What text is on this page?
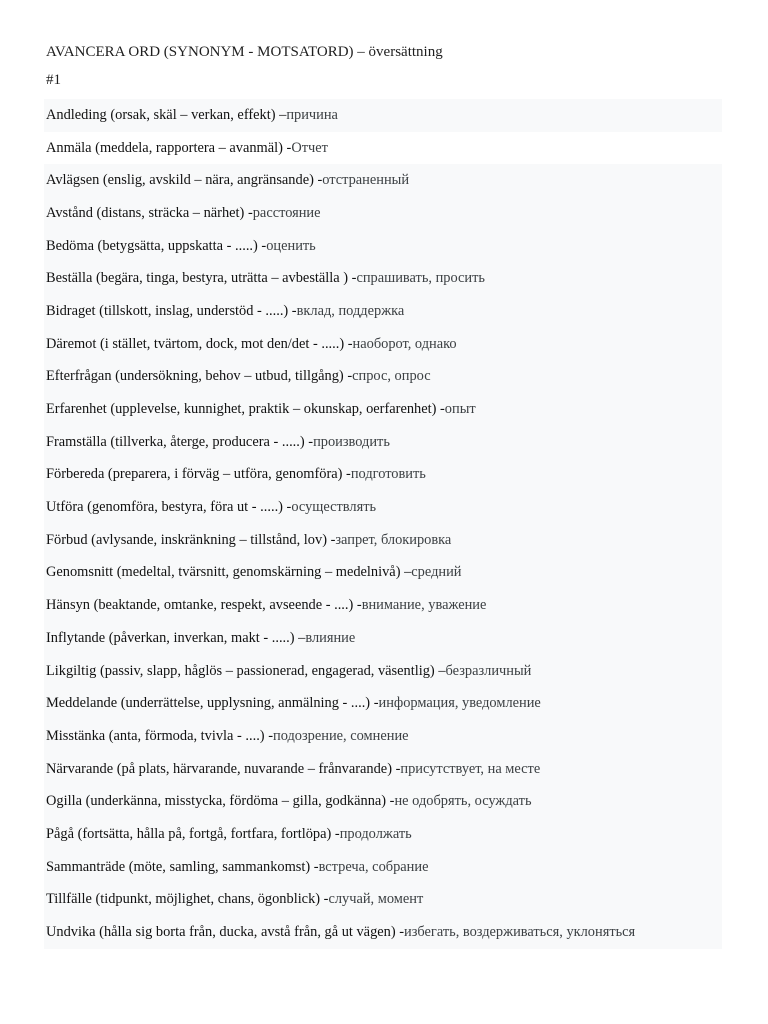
AVANCERA ORD (SYNONYM - MOTSATORD) – översättning
#1
Andleding (orsak, skäl – verkan, effekt) – причина
Anmäla (meddela, rapportera – avanmäl) - Отчет
Avlägsen (enslig, avskild – nära, angränsande) - отстраненный
Avstånd (distans, sträcka – närhet) - расстояние
Bedöma (betygsätta, uppskatta - .....) - оценить
Beställa (begära, tinga, bestyra, uträtta – avbeställa ) - спрашивать, просить
Bidraget (tillskott, inslag, understöd - .....) - вклад, поддержка
Däremot (i stället, tvärtom, dock, mot den/det - .....) - наоборот, однако
Efterfrågan (undersökning, behov – utbud, tillgång) - спрос, опрос
Erfarenhet (upplevelse, kunnighet, praktik – okunskap, oerfarenhet) - опыт
Framställa (tillverka, återge, producera - .....) - производить
Förbereda (preparera, i förväg – utföra, genomföra) - подготовить
Utföra (genomföra, bestyra, föra ut - .....) - осуществлять
Förbud (avlysande, inskränkning – tillstånd, lov) - запрет, блокировка
Genomsnitt (medeltal, tvärsnitt, genomskärning – medelnivå) – средний
Hänsyn (beaktande, omtanke, respekt, avseende - ....) - внимание, уважение
Inflytande (påverkan, inverkan, makt - .....) – влияние
Likgiltig (passiv, slapp, håglös – passionerad, engagerad, väsentlig) – безразличный
Meddelande (underrättelse, upplysning, anmälning - ....) - информация, уведомление
Misstänka (anta, förmoda, tvivla - ....) - подозрение, сомнение
Närvarande (på plats, härvarande, nuvarande – frånvarande) - присутствует, на месте
Ogilla (underkänna, misstycka, fördöma – gilla, godkänna) - не одобрять, осуждать
Pågå (fortsätta, hålla på, fortgå, fortfara, fortlöpa) - продолжать
Sammanträde (möte, samling, sammankomst) - встреча, собрание
Tillfälle (tidpunkt, möjlighet, chans, ögonblick) - случай, момент
Undvika (hålla sig borta från, ducka, avstå från, gå ut vägen) - избегать, воздерживаться, уклоняться
